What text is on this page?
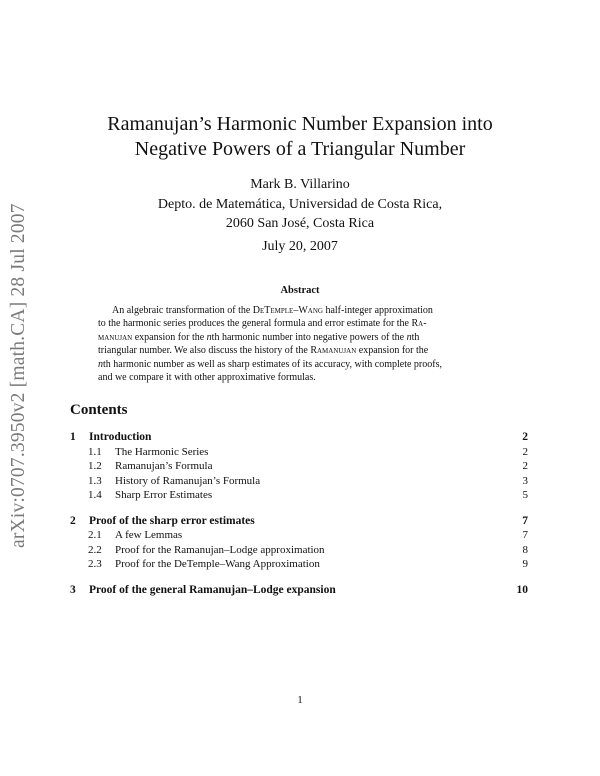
arXiv:0707.3950v2 [math.CA] 28 Jul 2007
Ramanujan’s Harmonic Number Expansion into
Negative Powers of a Triangular Number
Mark B. Villarino
Depto. de Matemática, Universidad de Costa Rica,
2060 San José, Costa Rica
July 20, 2007
Abstract
An algebraic transformation of the DeTemple–Wang half-integer approximation
to the harmonic series produces the general formula and error estimate for the Ra-
manujan expansion for the nth harmonic number into negative powers of the nth
triangular number. We also discuss the history of the Ramanujan expansion for the
nth harmonic number as well as sharp estimates of its accuracy, with complete proofs,
and we compare it with other approximative formulas.
Contents
1 Introduction	2
1.1 The Harmonic Series	2
1.2 Ramanujan’s Formula	2
1.3 History of Ramanujan’s Formula	3
1.4 Sharp Error Estimates	5
2 Proof of the sharp error estimates	7
2.1 A few Lemmas	7
2.2 Proof for the Ramanujan–Lodge approximation	8
2.3 Proof for the DeTemple–Wang Approximation	9
3 Proof of the general Ramanujan–Lodge expansion	10
1
